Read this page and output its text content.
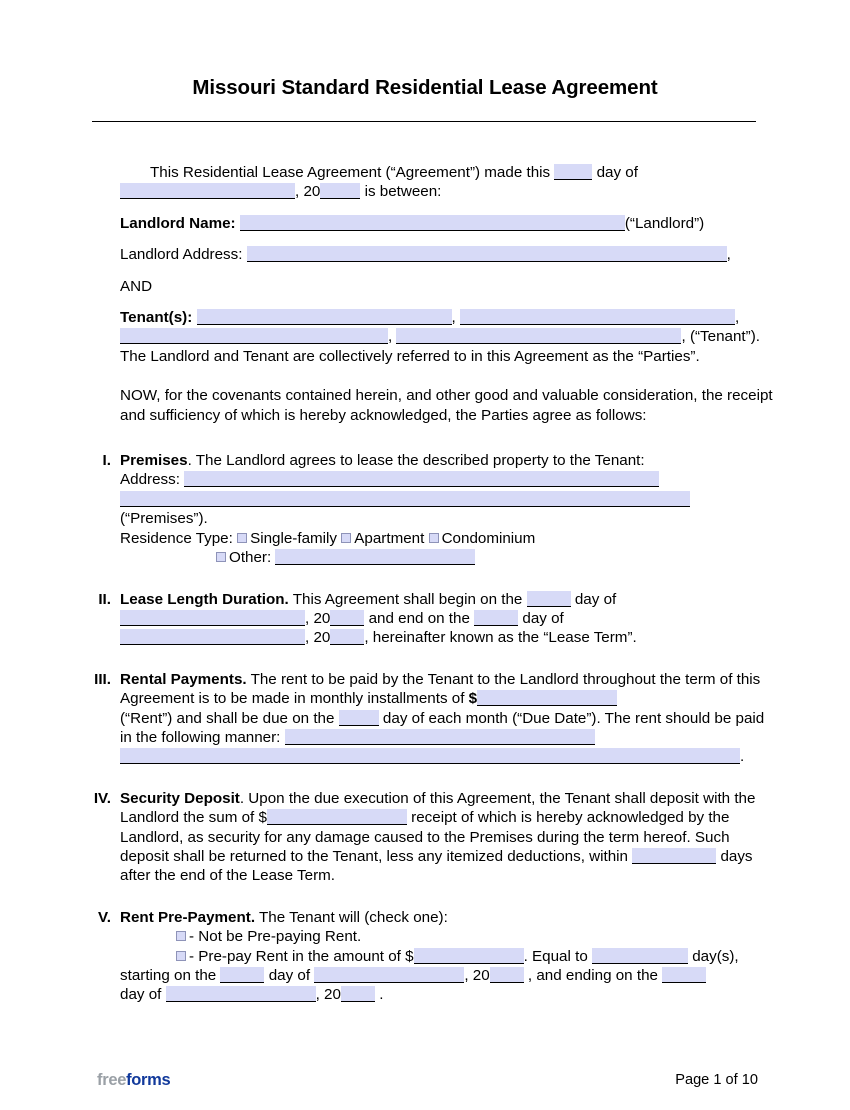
Missouri Standard Residential Lease Agreement
This Residential Lease Agreement (“Agreement”) made this	day of
, 20	is between:
Landlord Name:	(“Landlord”)
Landlord Address:	,
AND
Tenant(s):	,	,
,	, (“Tenant”).
The Landlord and Tenant are collectively referred to in this Agreement as the “Parties”.
NOW, for the covenants contained herein, and other good and valuable consideration, the receipt and sufficiency of which is hereby acknowledged, the Parties agree as follows:
I. Premises. The Landlord agrees to lease the described property to the Tenant:
Address:
(“Premises”).
Residence Type: Single-family Apartment Condominium
Other:
II. Lease Length Duration. This Agreement shall begin on the	day of
, 20	and end on the	day of
, 20 , hereinafter known as the “Lease Term”.
III. Rental Payments. The rent to be paid by the Tenant to the Landlord throughout the term of this Agreement is to be made in monthly installments of $
(“Rent”) and shall be due on the	day of each month (“Due Date”). The rent should be paid in the following manner:
.
IV. Security Deposit. Upon the due execution of this Agreement, the Tenant shall deposit with the Landlord the sum of $	receipt of which is hereby acknowledged by the Landlord, as security for any damage caused to the Premises during the term hereof. Such deposit shall be returned to the Tenant, less any itemized deductions, within	days after the end of the Lease Term.
V. Rent Pre-Payment. The Tenant will (check one):
- Not be Pre-paying Rent.
- Pre-pay Rent in the amount of $	. Equal to	day(s),
starting on the	day of	, 20	, and ending on the
day of	, 20	.
freeforms	Page 1 of 10
